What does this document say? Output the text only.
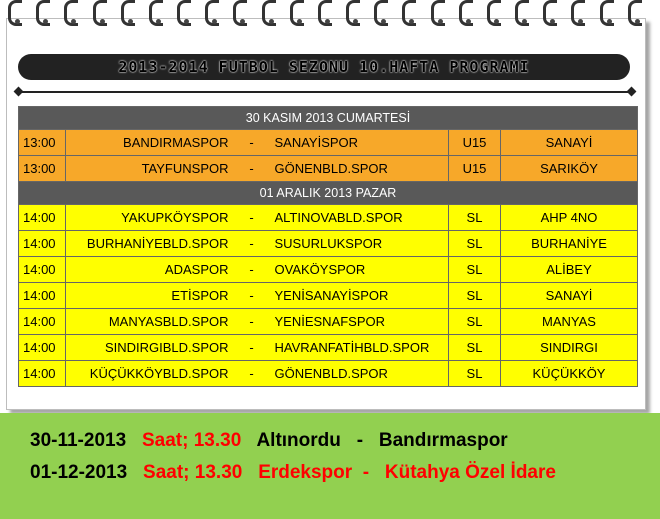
2013-2014 FUTBOL SEZONU 10.HAFTA PROGRAMI
30 KASIM 2013 CUMARTESİ					
13:00	BANDIRMASPOR	-	SANAYİSPOR	U15	SANAYİ
13:00	TAYFUNSPOR	-	GÖNENBLD.SPOR	U15	SARIKÖY
01 ARALIK 2013 PAZAR					
14:00	YAKUPKÖYSPOR	-	ALTINOVABLD.SPOR	SL	AHP 4NO
14:00	BURHANİYEBLD.SPOR	-	SUSURLUKSPOR	SL	BURHANİYE
14:00	ADASPOR	-	OVAKÖYSPOR	SL	ALİBEY
14:00	ETİSPOR	-	YENİSANAYİSPOR	SL	SANAYİ
14:00	MANYASBLD.SPOR	-	YENİESNAFSPOR	SL	MANYAS
14:00	SINDIRGIBLD.SPOR	-	HAVRANFATİHBLD.SPOR	SL	SINDIRGI
14:00	KÜÇÜKKÖYBLD.SPOR	-	GÖNENBLD.SPOR	SL	KÜÇÜKKÖY
30-11-2013 Saat; 13.30 Altınordu - Bandırmaspor
01-12-2013 Saat; 13.30 Erdekspor - Kütahya Özel İdare
